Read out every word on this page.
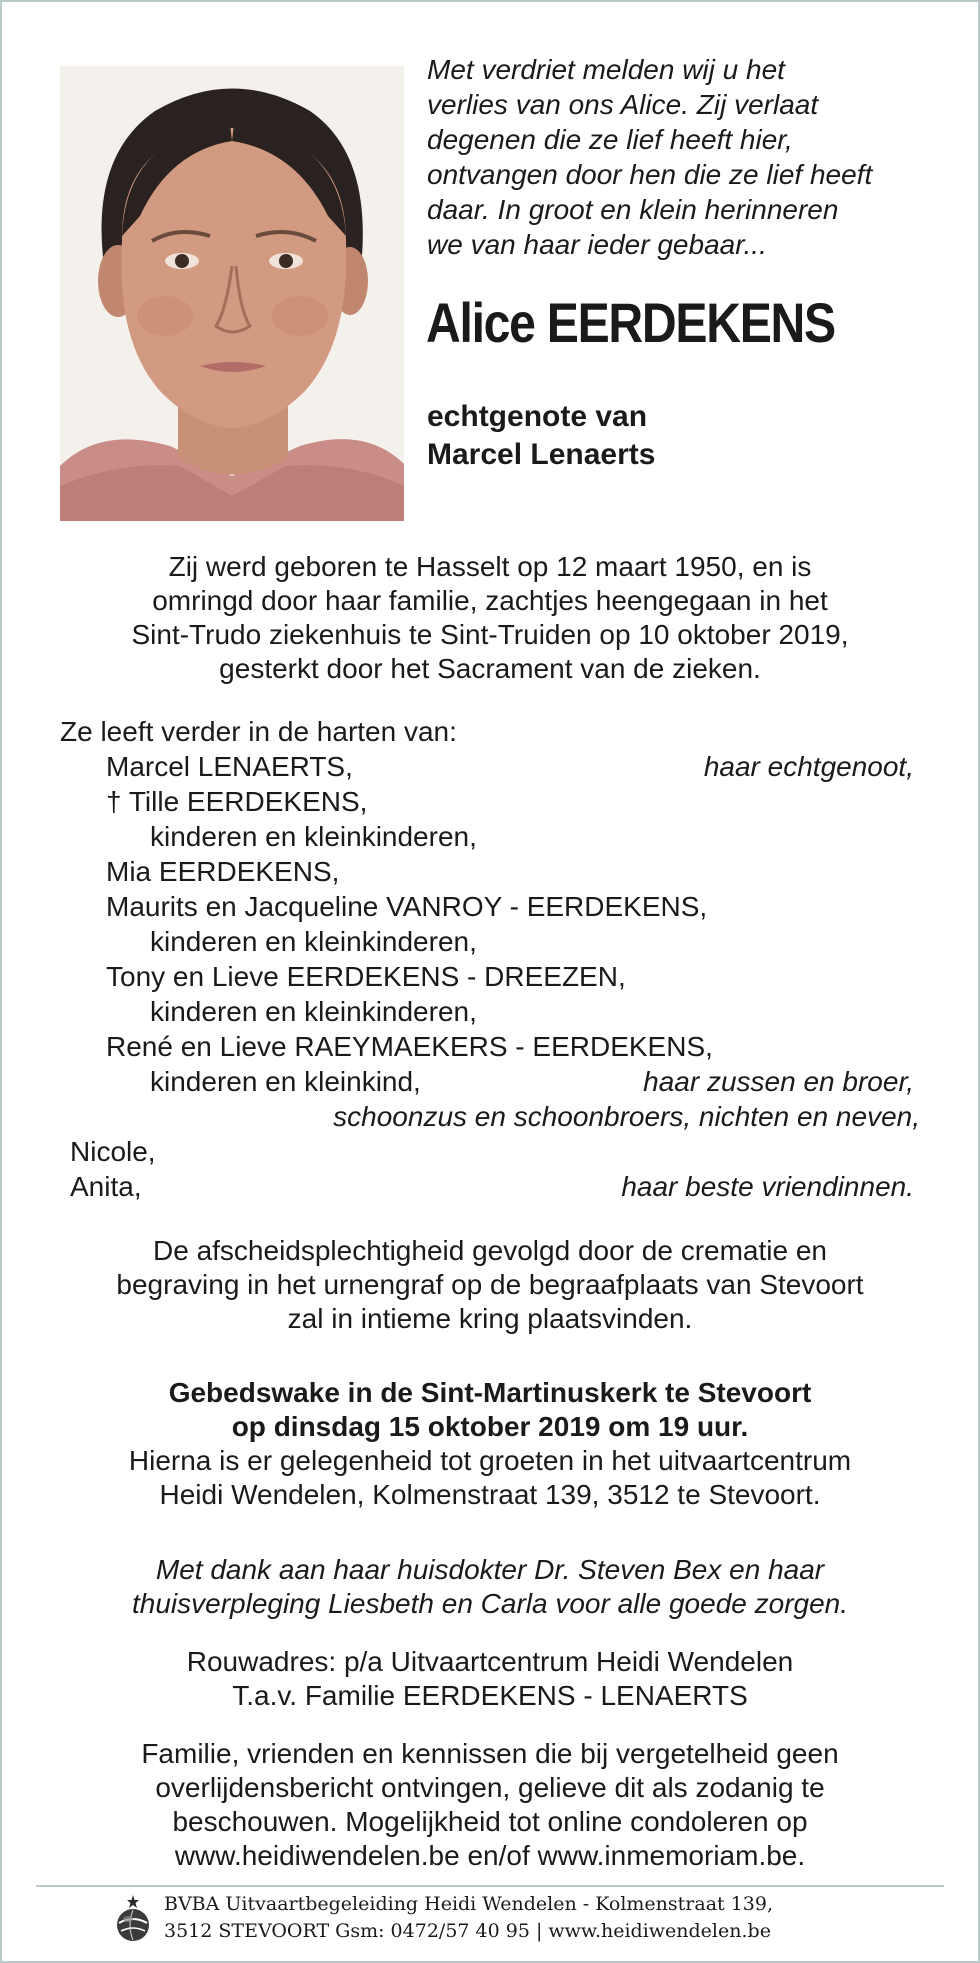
Met verdriet melden wij u het
verlies van ons Alice. Zij verlaat
degenen die ze lief heeft hier,
ontvangen door hen die ze lief heeft
daar. In groot en klein herinneren
we van haar ieder gebaar...
Alice EERDEKENS
echtgenote van
Marcel Lenaerts
Zij werd geboren te Hasselt op 12 maart 1950, en is
omringd door haar familie, zachtjes heengegaan in het
Sint-Trudo ziekenhuis te Sint-Truiden op 10 oktober 2019,
gesterkt door het Sacrament van de zieken.
Ze leeft verder in de harten van:
Marcel LENAERTS,	haar echtgenoot,
† Tille EERDEKENS,
kinderen en kleinkinderen,
Mia EERDEKENS,
Maurits en Jacqueline VANROY - EERDEKENS,
kinderen en kleinkinderen,
Tony en Lieve EERDEKENS - DREEZEN,
kinderen en kleinkinderen,
René en Lieve RAEYMAEKERS - EERDEKENS,
kinderen en kleinkind,	haar zussen en broer,
schoonzus en schoonbroers, nichten en neven,
Nicole,
Anita,	haar beste vriendinnen.
De afscheidsplechtigheid gevolgd door de crematie en
begraving in het urnengraf op de begraafplaats van Stevoort
zal in intieme kring plaatsvinden.
Gebedswake in de Sint-Martinuskerk te Stevoort
op dinsdag 15 oktober 2019 om 19 uur.
Hierna is er gelegenheid tot groeten in het uitvaartcentrum
Heidi Wendelen, Kolmenstraat 139, 3512 te Stevoort.
Met dank aan haar huisdokter Dr. Steven Bex en haar
thuisverpleging Liesbeth en Carla voor alle goede zorgen.
Rouwadres: p/a Uitvaartcentrum Heidi Wendelen
T.a.v. Familie EERDEKENS - LENAERTS
Familie, vrienden en kennissen die bij vergetelheid geen
overlijdensbericht ontvingen, gelieve dit als zodanig te
beschouwen. Mogelijkheid tot online condoleren op
www.heidiwendelen.be en/of www.inmemoriam.be.
BVBA Uitvaartbegeleiding Heidi Wendelen - Kolmenstraat 139,
3512 STEVOORT Gsm: 0472/57 40 95 | www.heidiwendelen.be
